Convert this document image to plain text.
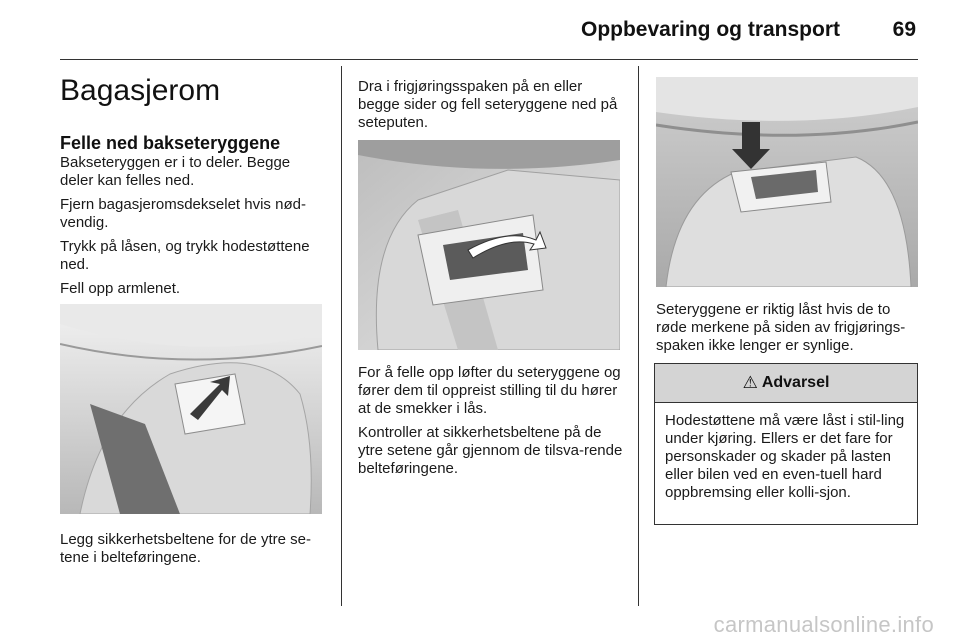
Oppbevaring og transport	69
Bagasjerom
Felle ned bakseteryggene

Bakseteryggen er i to deler. Begge deler kan felles ned.

Fjern bagasjeromsdekselet hvis nød-vendig.

Trykk på låsen, og trykk hodestøttene ned.

Fell opp armlenet.

Legg sikkerhetsbeltene for de ytre se-tene i belteføringene.

Dra i frigjøringsspaken på en eller begge sider og fell seteryggene ned på seteputen.

For å felle opp løfter du seteryggene og fører dem til oppreist stilling til du hører at de smekker i lås.

Kontroller at sikkerhetsbeltene på de ytre setene går gjennom de tilsva-rende belteføringene.

Seteryggene er riktig låst hvis de to røde merkene på siden av frigjørings-spaken ikke lenger er synlige.

⚠ Advarsel

Hodestøttene må være låst i stil-ling under kjøring. Ellers er det fare for personskader og skader på lasten eller bilen ved en even-tuell hard oppbremsing eller kolli-sjon.

carmanualsonline.info
